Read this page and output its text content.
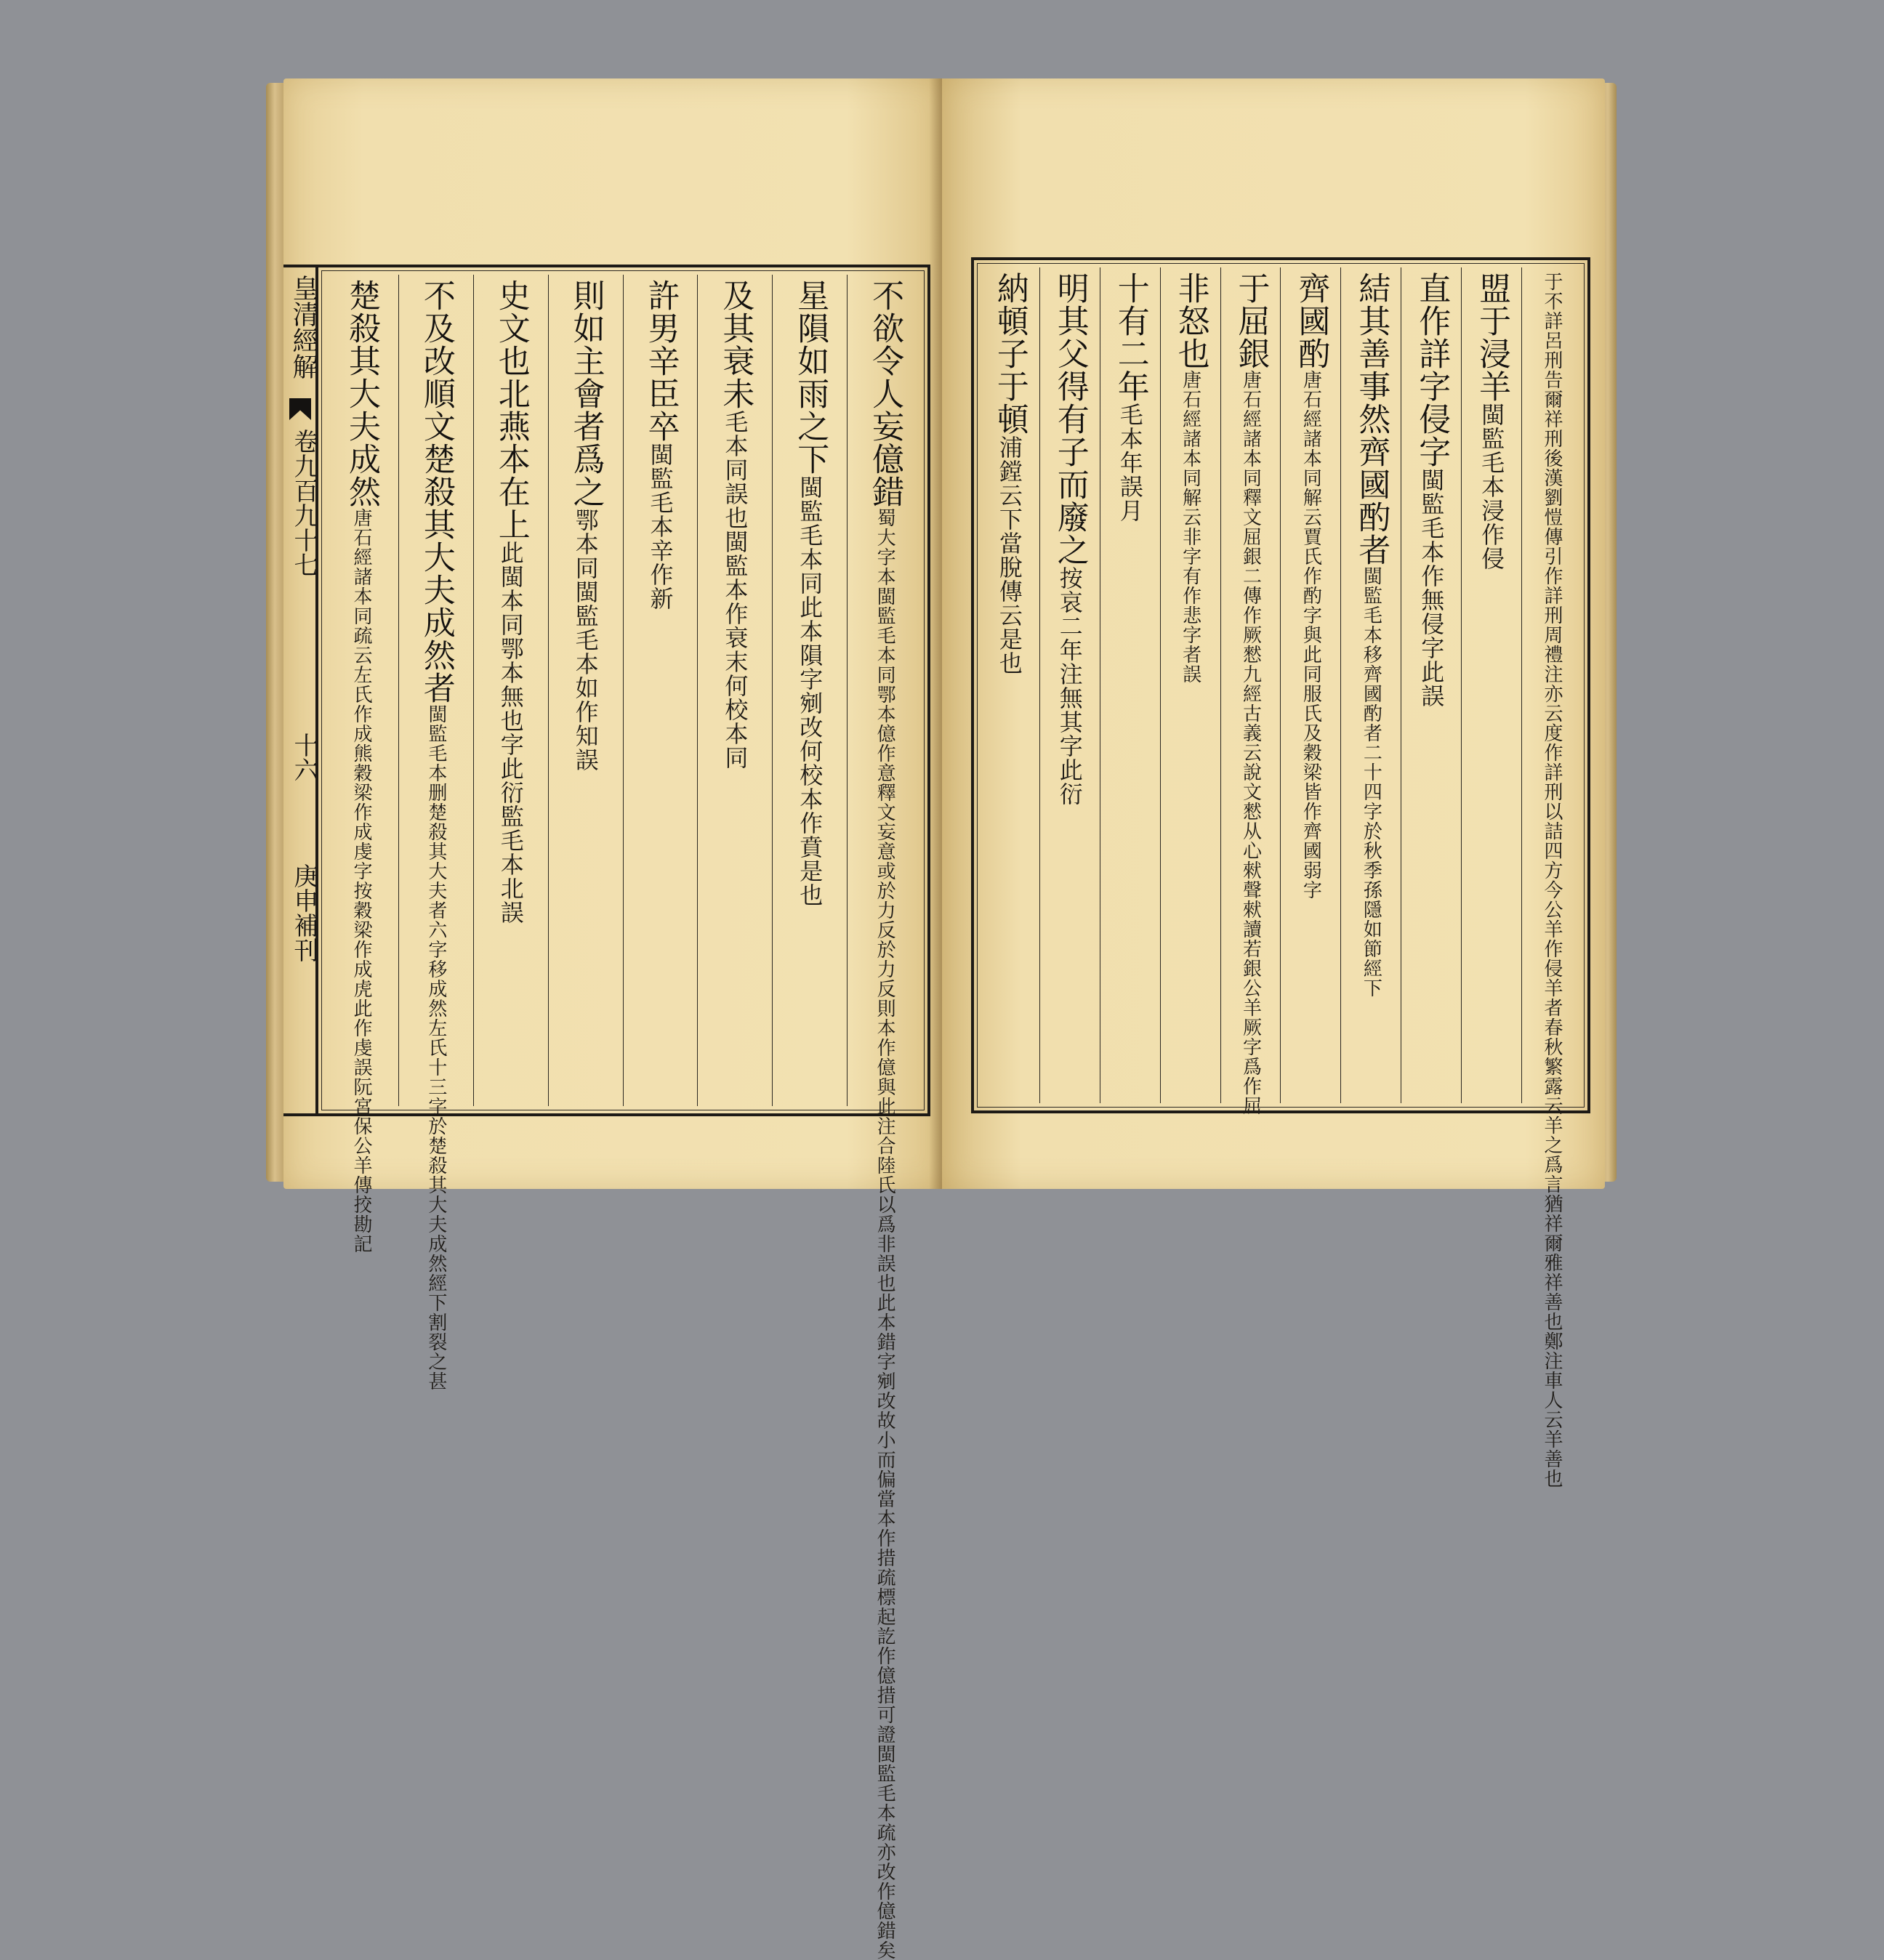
皇清經解
卷九百九十七
十六
庚申補刊
不欲令人妄億錯
蜀大字本閩監毛本同鄂本億作意釋文妄意或於力反於力反則本作億與此注合陸氏以爲非誤也此本錯字剜改故小而偏當本作措疏標起訖作億措可證閩監毛本疏亦改作億錯矣
星隕如雨之下
閩監毛本同此本隕字剜改何校本作賁是也
及其衰未
毛本同誤也閩監本作衰末何校本同
許男辛臣卒
閩監毛本辛作新
則如主會者爲之
鄂本同閩監毛本如作知誤
史文也北燕本在上
此閩本同鄂本無也字此衍監毛本北誤
不及改順文楚殺其大夫成然者
閩監毛本删楚殺其大夫者六字移成然左氏十三字於楚殺其大夫成然經下割裂之甚
楚殺其大夫成然
唐石經諸本同疏云左氏作成熊穀梁作成虔字按穀梁作成虎此作虔誤阮宮保公羊傳挍勘記	于不詳呂刑告爾祥刑後漢劉愷傳引作詳刑周禮注亦云度作詳刑以詰四方今公羊作侵羊者春秋繁露云羊之爲言猶祥爾雅祥善也鄭注車人云羊善也
盟于浸羊
閩監毛本浸作侵
直作詳字侵字
閩監毛本作無侵字此誤
結其善事然齊國酌者
閩監毛本移齊國酌者二十四字於秋季孫隱如節經下
齊國酌
唐石經諸本同解云賈氏作酌字與此同服氏及穀梁皆作齊國弱字
于屈銀
唐石經諸本同釋文屈銀二傳作厥憖九經古義云說文憖从心猌聲猌讀若銀公羊厥字爲作屈
非怒也
唐石經諸本同解云非字有作悲字者誤
十有二年
毛本年誤月
明其父得有子而廢之
按哀二年注無其字此衍
納頓子于頓
浦鏜云下當脫傳云是也
